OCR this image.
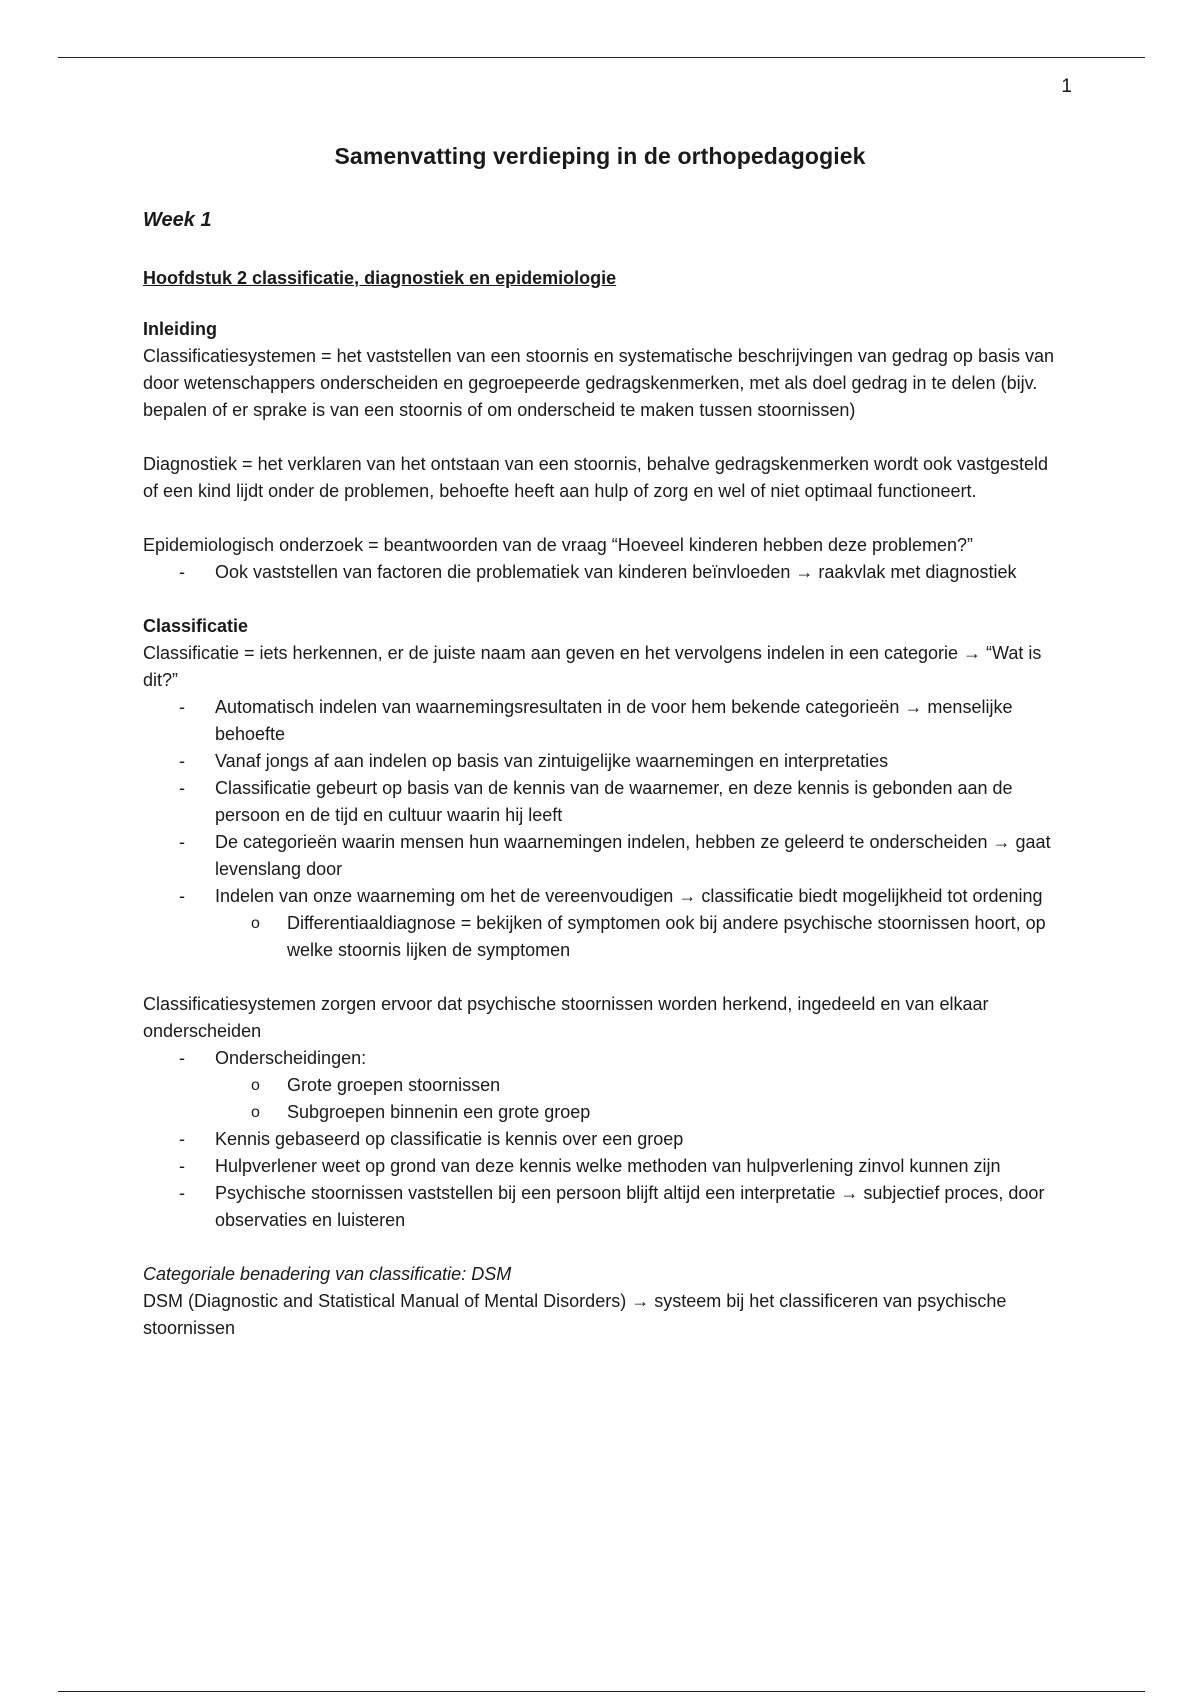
1
Samenvatting verdieping in de orthopedagogiek
Week 1
Hoofdstuk 2 classificatie, diagnostiek en epidemiologie
Inleiding

Classificatiesystemen = het vaststellen van een stoornis en systematische beschrijvingen van gedrag op basis van door wetenschappers onderscheiden en gegroepeerde gedragskenmerken, met als doel gedrag in te delen (bijv. bepalen of er sprake is van een stoornis of om onderscheid te maken tussen stoornissen)

Diagnostiek = het verklaren van het ontstaan van een stoornis, behalve gedragskenmerken wordt ook vastgesteld of een kind lijdt onder de problemen, behoefte heeft aan hulp of zorg en wel of niet optimaal functioneert.

Epidemiologisch onderzoek = beantwoorden van de vraag “Hoeveel kinderen hebben deze problemen?”

- Ook vaststellen van factoren die problematiek van kinderen beïnvloeden → raakvlak met diagnostiek
Classificatie

Classificatie = iets herkennen, er de juiste naam aan geven en het vervolgens indelen in een categorie → “Wat is dit?”

- Automatisch indelen van waarnemingsresultaten in de voor hem bekende categorieën → menselijke behoefte
- Vanaf jongs af aan indelen op basis van zintuigelijke waarnemingen en interpretaties
- Classificatie gebeurt op basis van de kennis van de waarnemer, en deze kennis is gebonden aan de persoon en de tijd en cultuur waarin hij leeft
- De categorieën waarin mensen hun waarnemingen indelen, hebben ze geleerd te onderscheiden → gaat levenslang door
- Indelen van onze waarneming om het de vereenvoudigen → classificatie biedt mogelijkheid tot ordening
o Differentiaaldiagnose = bekijken of symptomen ook bij andere psychische stoornissen hoort, op welke stoornis lijken de symptomen

Classificatiesystemen zorgen ervoor dat psychische stoornissen worden herkend, ingedeeld en van elkaar onderscheiden

- Onderscheidingen:
o Grote groepen stoornissen
o Subgroepen binnenin een grote groep
- Kennis gebaseerd op classificatie is kennis over een groep
- Hulpverlener weet op grond van deze kennis welke methoden van hulpverlening zinvol kunnen zijn
- Psychische stoornissen vaststellen bij een persoon blijft altijd een interpretatie → subjectief proces, door observaties en luisteren
Categoriale benadering van classificatie: DSM

DSM (Diagnostic and Statistical Manual of Mental Disorders) → systeem bij het classificeren van psychische stoornissen
